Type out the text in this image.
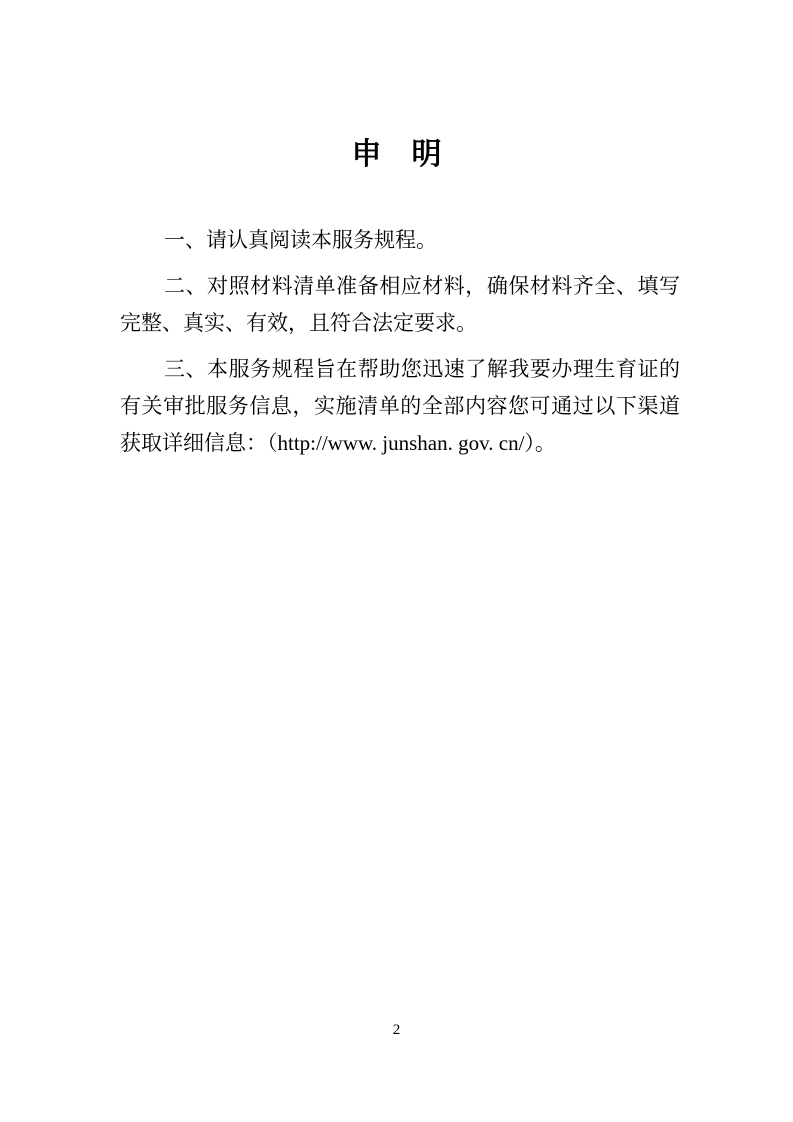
申　明

一、请认真阅读本服务规程。

二、对照材料清单准备相应材料，确保材料齐全、填写完整、真实、有效，且符合法定要求。

三、本服务规程旨在帮助您迅速了解我要办理生育证的有关审批服务信息，实施清单的全部内容您可通过以下渠道获取详细信息：（http://www. junshan. gov. cn/）。

2
